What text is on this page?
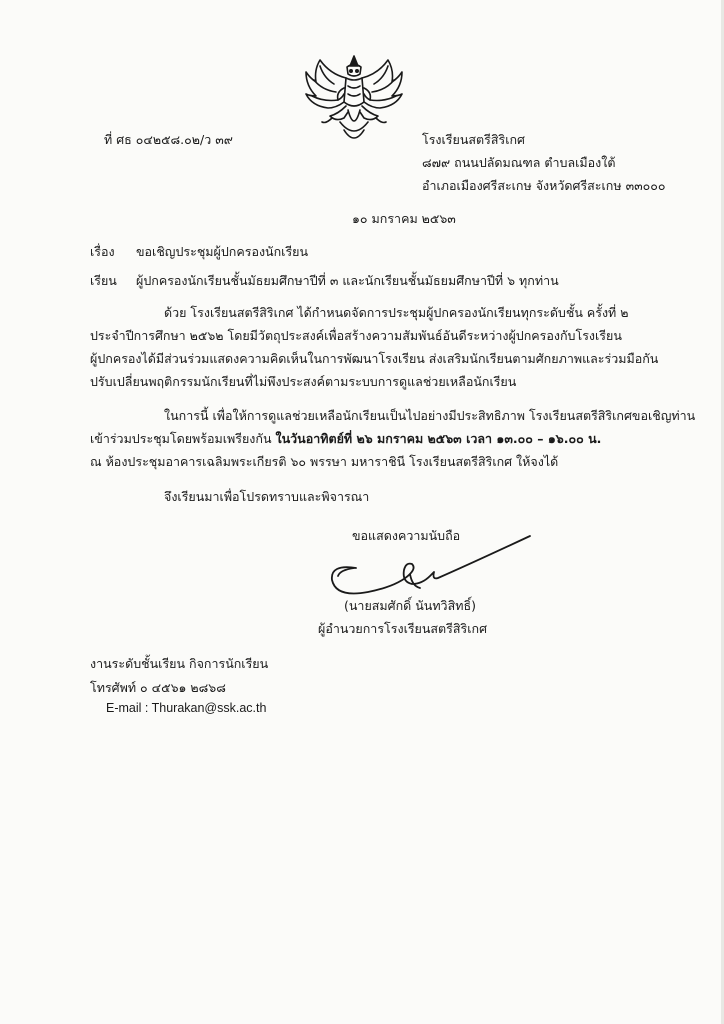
ที่ ศธ ๐๔๒๕๘.๐๒/ว ๓๙	โรงเรียนสตรีสิริเกศ
๘๗๙ ถนนปลัดมณฑล ตำบลเมืองใต้
อำเภอเมืองศรีสะเกษ จังหวัดศรีสะเกษ ๓๓๐๐๐
๑๐ มกราคม ๒๕๖๓
เรื่อง ขอเชิญประชุมผู้ปกครองนักเรียน
เรียน ผู้ปกครองนักเรียนชั้นมัธยมศึกษาปีที่ ๓ และนักเรียนชั้นมัธยมศึกษาปีที่ ๖ ทุกท่าน
ด้วย โรงเรียนสตรีสิริเกศ ได้กำหนดจัดการประชุมผู้ปกครองนักเรียนทุกระดับชั้น ครั้งที่ ๒
ประจำปีการศึกษา ๒๕๖๒ โดยมีวัตถุประสงค์เพื่อสร้างความสัมพันธ์อันดีระหว่างผู้ปกครองกับโรงเรียน
ผู้ปกครองได้มีส่วนร่วมแสดงความคิดเห็นในการพัฒนาโรงเรียน ส่งเสริมนักเรียนตามศักยภาพและร่วมมือกัน
ปรับเปลี่ยนพฤติกรรมนักเรียนที่ไม่พึงประสงค์ตามระบบการดูแลช่วยเหลือนักเรียน
ในการนี้ เพื่อให้การดูแลช่วยเหลือนักเรียนเป็นไปอย่างมีประสิทธิภาพ โรงเรียนสตรีสิริเกศขอเชิญท่าน
เข้าร่วมประชุมโดยพร้อมเพรียงกัน ในวันอาทิตย์ที่ ๒๖ มกราคม ๒๕๖๓ เวลา ๑๓.๐๐ – ๑๖.๐๐ น.
ณ ห้องประชุมอาคารเฉลิมพระเกียรติ ๖๐ พรรษา มหาราชินี โรงเรียนสตรีสิริเกศ ให้จงได้
จึงเรียนมาเพื่อโปรดทราบและพิจารณา
ขอแสดงความนับถือ
(นายสมศักดิ์ นันทวิสิทธิ์)
ผู้อำนวยการโรงเรียนสตรีสิริเกศ
งานระดับชั้นเรียน กิจการนักเรียน
โทรศัพท์ ๐ ๔๕๖๑ ๒๘๖๘
E-mail : Thurakan@ssk.ac.th
